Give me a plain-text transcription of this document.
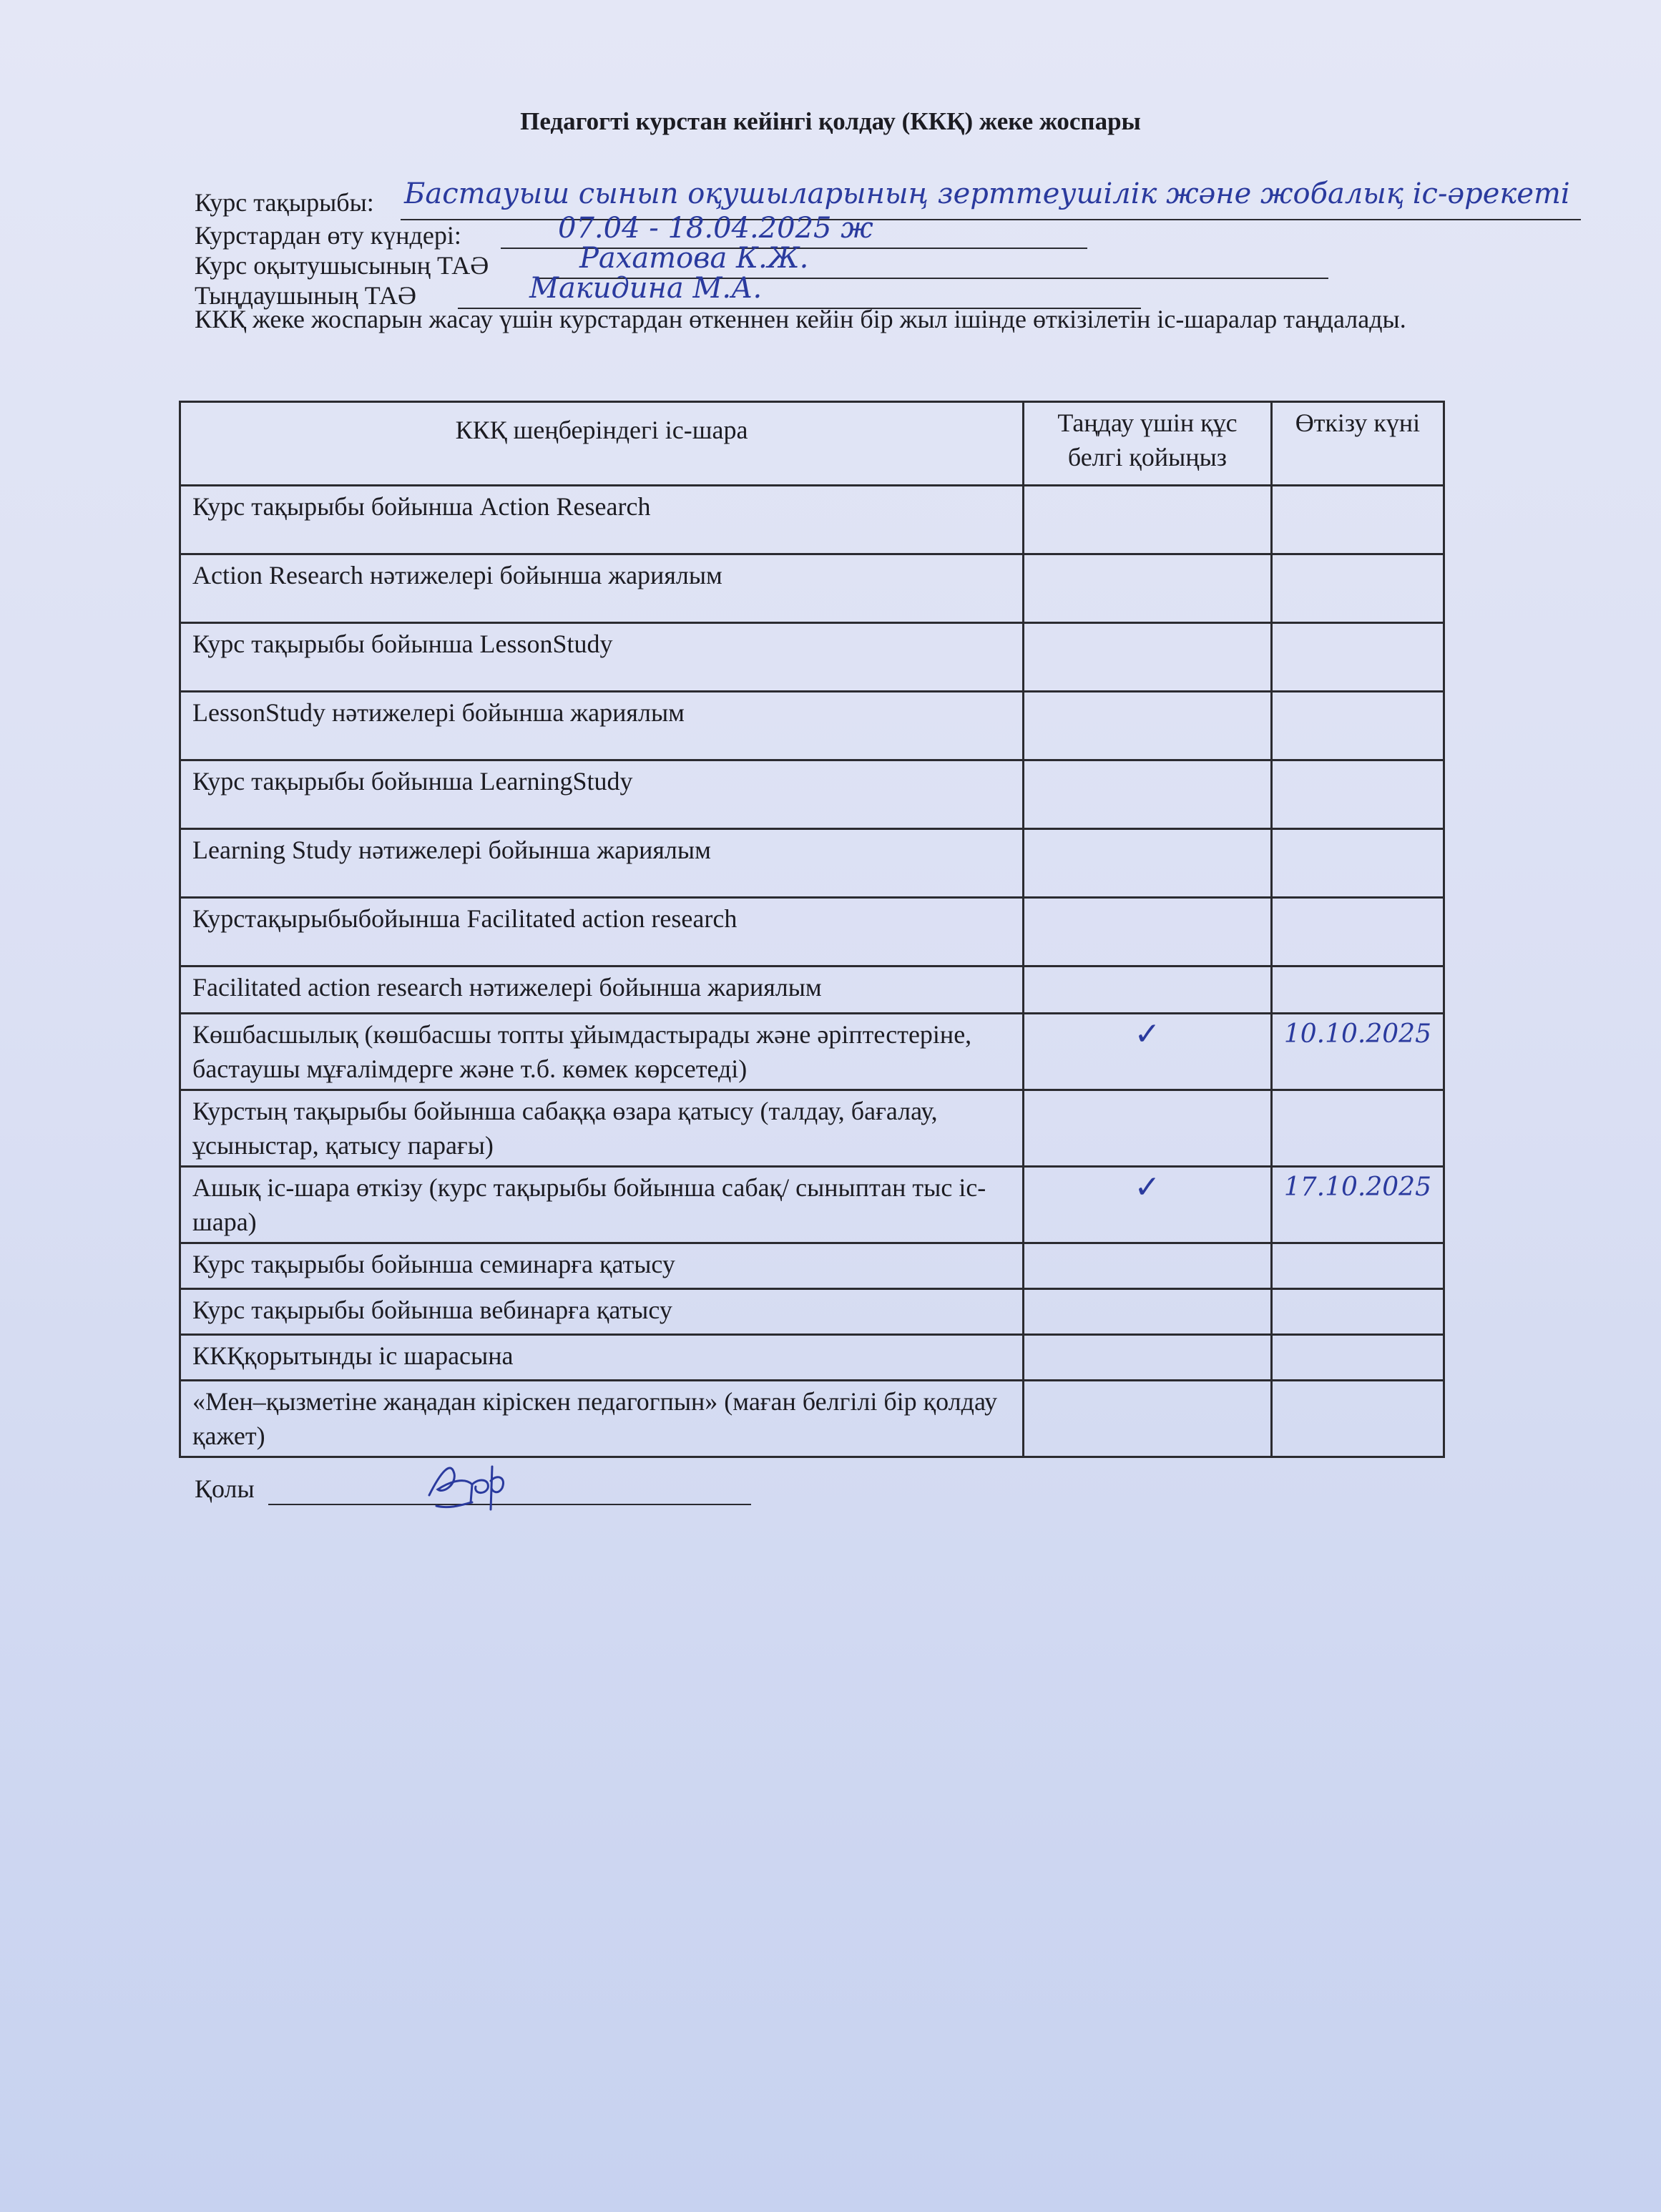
Педагогті курстан кейінгі қолдау (ККҚ) жеке жоспары
Курс тақырыбы: Бастауыш сынып оқушыларының зерттеушілік және жобалық іс-әрекеті
Курстардан өту күндері:	07.04 - 18.04.2025 ж
Курс оқытушысының ТАӘ	Рахатова К.Ж.
Тыңдаушының ТАӘ	Макидина М.А.
ККҚ жеке жоспарын жасау үшін курстардан өткеннен кейін бір жыл ішінде өткізілетін іс-шаралар таңдалады.
ККҚ шеңберіндегі іс-шара	Таңдау үшін құс белгі қойыңыз	Өткізу күні
Курс тақырыбы бойынша Action Research		
Action Research нәтижелері бойынша жариялым		
Курс тақырыбы бойынша LessonStudy		
LessonStudy нәтижелері бойынша жариялым		
Курс тақырыбы бойынша LearningStudy		
Learning Study нәтижелері бойынша жариялым		
Курстақырыбыбойынша Facilitated action research		
Facilitated action research нәтижелері бойынша жариялым		
Көшбасшылық (көшбасшы топты ұйымдастырады және әріптестеріне, бастаушы мұғалімдерге және т.б. көмек көрсетеді)	✓	10.10.2025
Курстың тақырыбы бойынша сабаққа өзара қатысу (талдау, бағалау, ұсыныстар, қатысу парағы)		
Ашық іс-шара өткізу (курс тақырыбы бойынша сабақ/ сыныптан тыс іс-шара)	✓	17.10.2025
Курс тақырыбы бойынша семинарға қатысу		
Курс тақырыбы бойынша вебинарға қатысу		
ККҚқорытынды іс шарасына		
«Мен–қызметіне жаңадан кіріскен педагогпын» (маған белгілі бір қолдау қажет)		
Қолы
